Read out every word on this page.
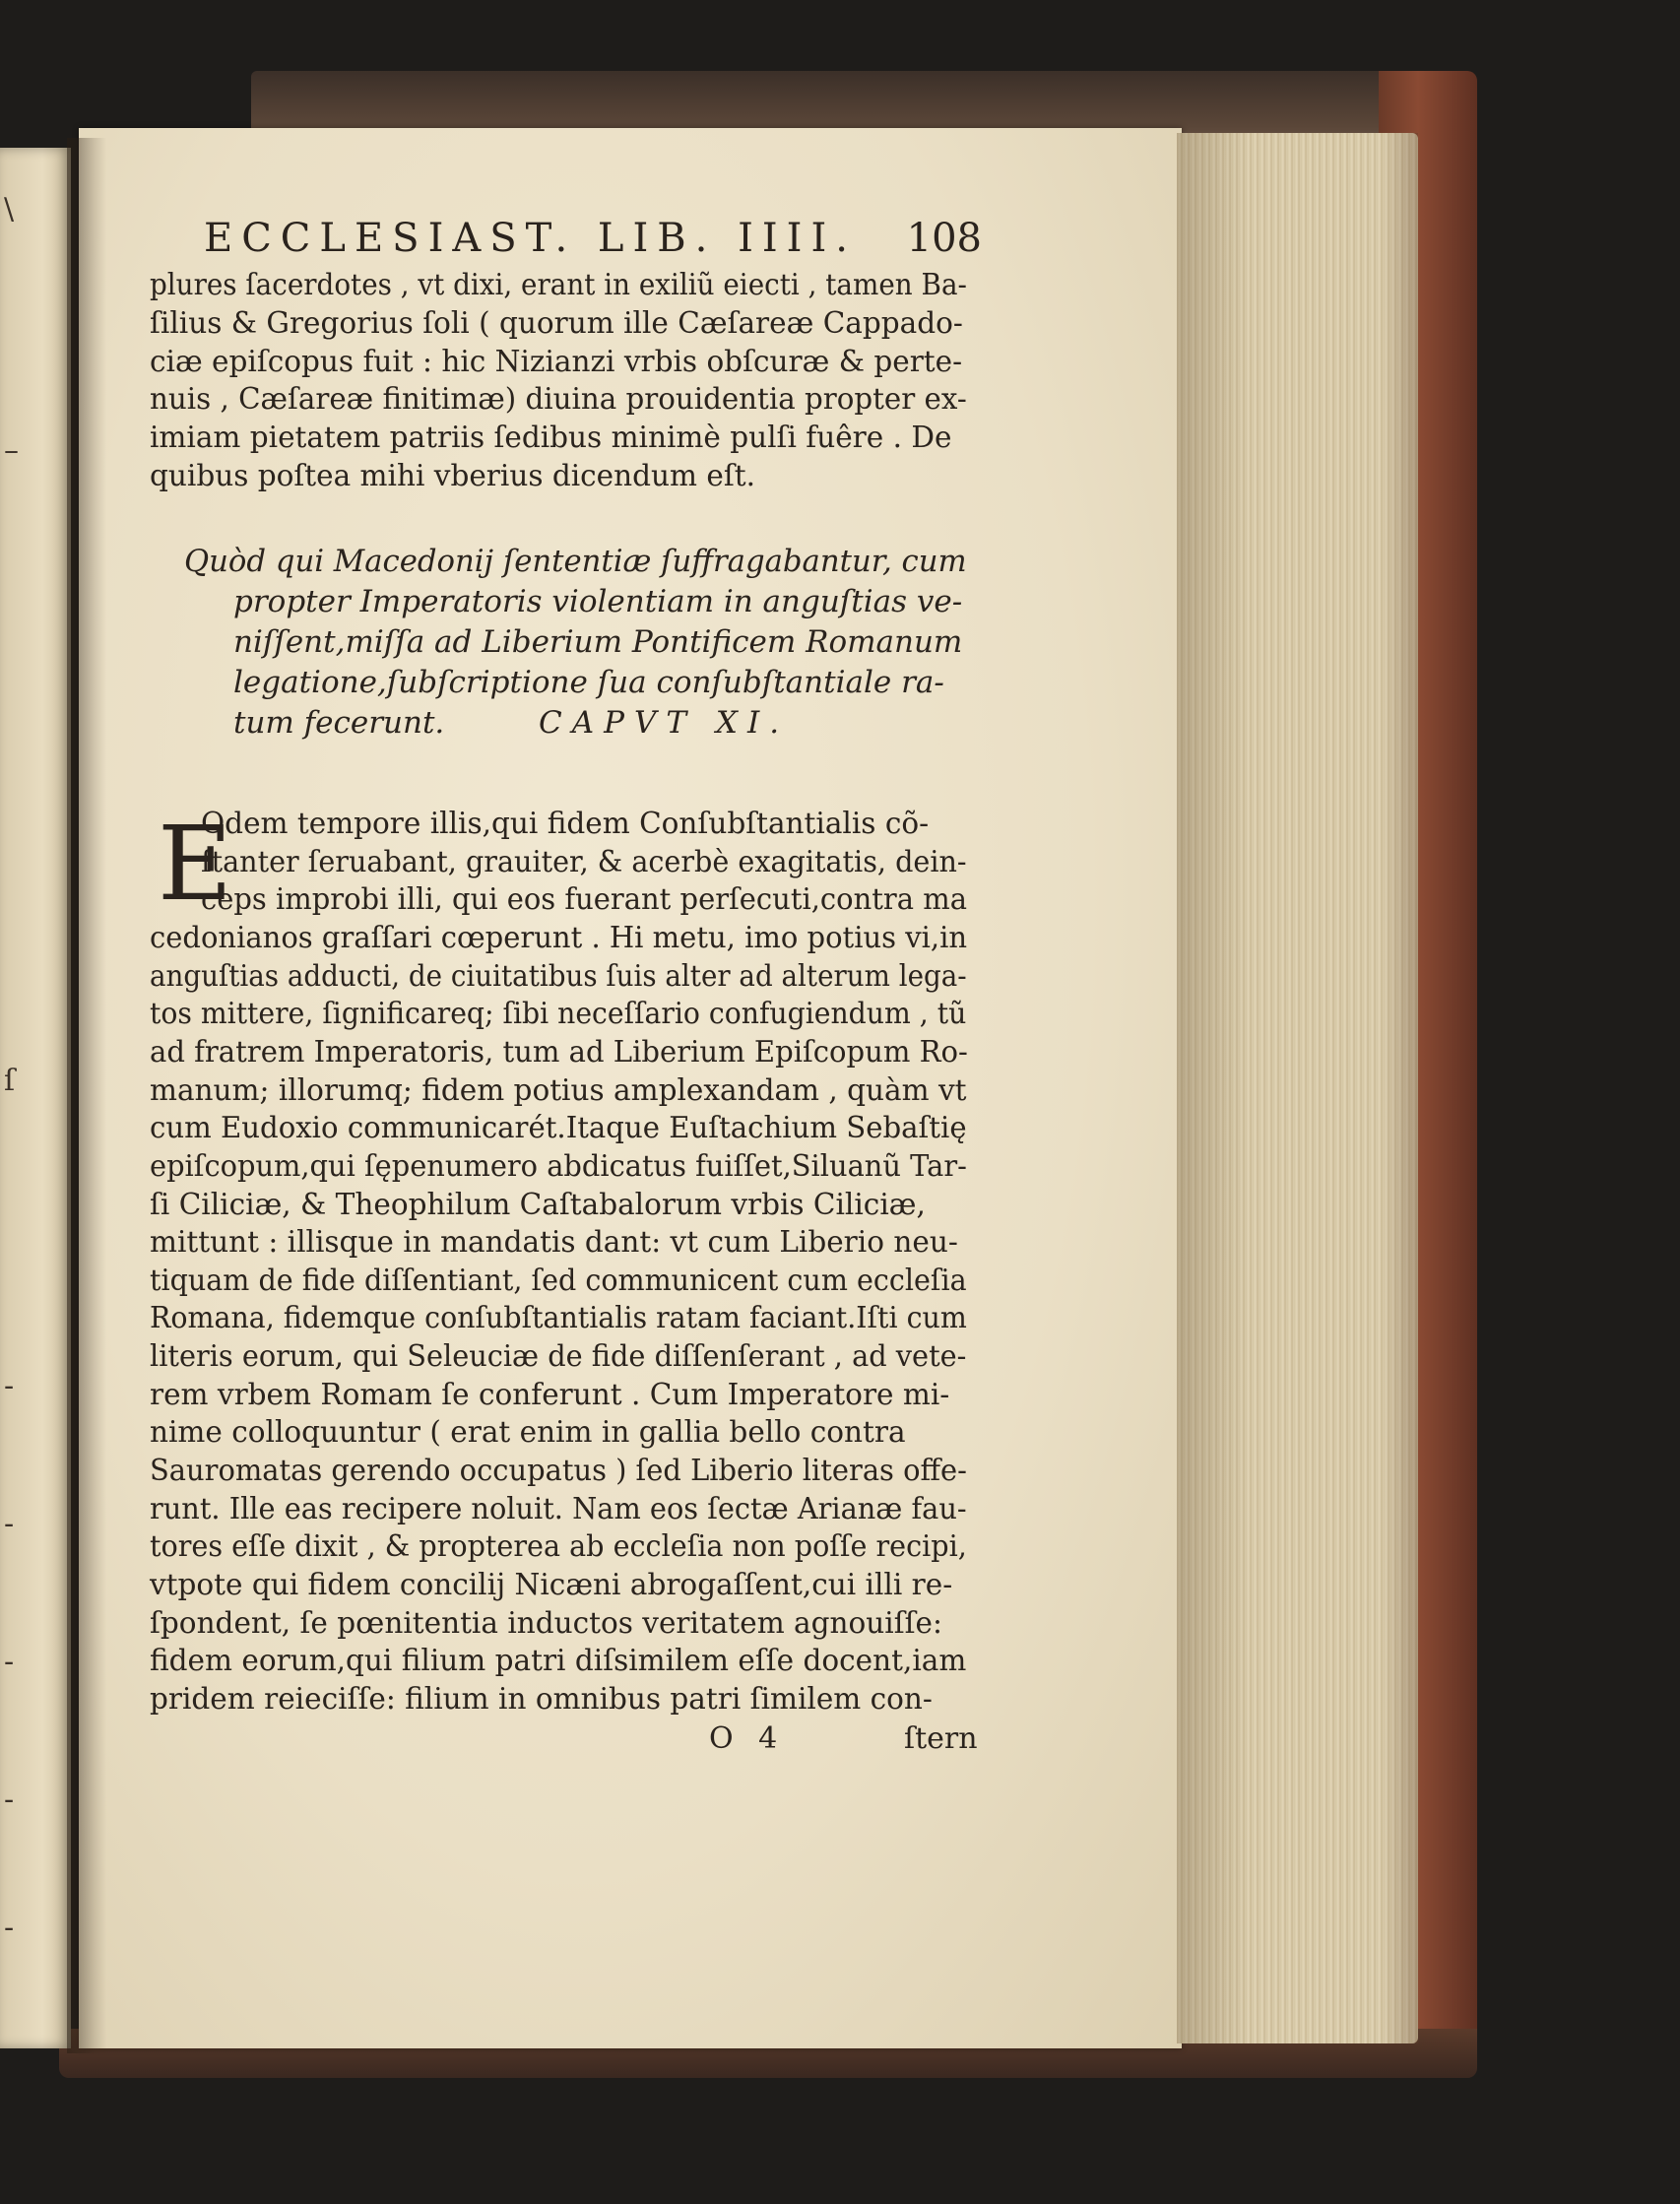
\
–
ſ
-
-
-
-
-
ECCLESIAST. LIB. IIII. 108
plures ſacerdotes , vt dixi, erant in exiliũ eiecti , tamen Ba-
ſilius & Gregorius ſoli ( quorum ille Cæſareæ Cappado-
ciæ epiſcopus fuit : hic Nizianzi vrbis obſcuræ & perte-
nuis , Cæſareæ finitimæ) diuina prouidentia propter ex-
imiam pietatem patriis ſedibus minimè pulſi fuêre . De
quibus poſtea mihi vberius dicendum eſt.
Quòd qui Macedonij ſententiæ ſuffragabantur, cum
propter Imperatoris violentiam in anguſtias ve-
niſſent,miſſa ad Liberium Pontificem Romanum
legatione,ſubſcriptione ſua conſubſtantiale ra-
tum fecerunt.	CAPVT XI.
E
Odem tempore illis,qui fidem Conſubſtantialis cõ-
ſtanter ſeruabant, grauiter, & acerbè exagitatis, dein-
ceps improbi illi, qui eos fuerant perſecuti,contra ma
cedonianos graſſari cœperunt . Hi metu, imo potius vi,in
anguſtias adducti, de ciuitatibus ſuis alter ad alterum lega-
tos mittere, ſignificareq; ſibi neceſſario confugiendum , tũ
ad fratrem Imperatoris, tum ad Liberium Epiſcopum Ro-
manum; illorumq; fidem potius amplexandam , quàm vt
cum Eudoxio communicarét.Itaque Euſtachium Sebaſtię
epiſcopum,qui ſępenumero abdicatus fuiſſet,Siluanũ Tar-
ſi Ciliciæ, & Theophilum Caſtabalorum vrbis Ciliciæ,
mittunt : illisque in mandatis dant: vt cum Liberio neu-
tiquam de fide diſſentiant, ſed communicent cum eccleſia
Romana, fidemque conſubſtantialis ratam faciant.Iſti cum
literis eorum, qui Seleuciæ de fide diſſenſerant , ad vete-
rem vrbem Romam ſe conferunt . Cum Imperatore mi-
nime colloquuntur ( erat enim in gallia bello contra
Sauromatas gerendo occupatus ) ſed Liberio literas offe-
runt. Ille eas recipere noluit. Nam eos ſectæ Arianæ fau-
tores eſſe dixit , & propterea ab eccleſia non poſſe recipi,
vtpote qui fidem concilij Nicæni abrogaſſent,cui illi re-
ſpondent, ſe pœnitentia inductos veritatem agnouiſſe:
fidem eorum,qui filium patri diſsimilem eſſe docent,iam
pridem reieciſſe: filium in omnibus patri ſimilem con-
O 4	ſtern
